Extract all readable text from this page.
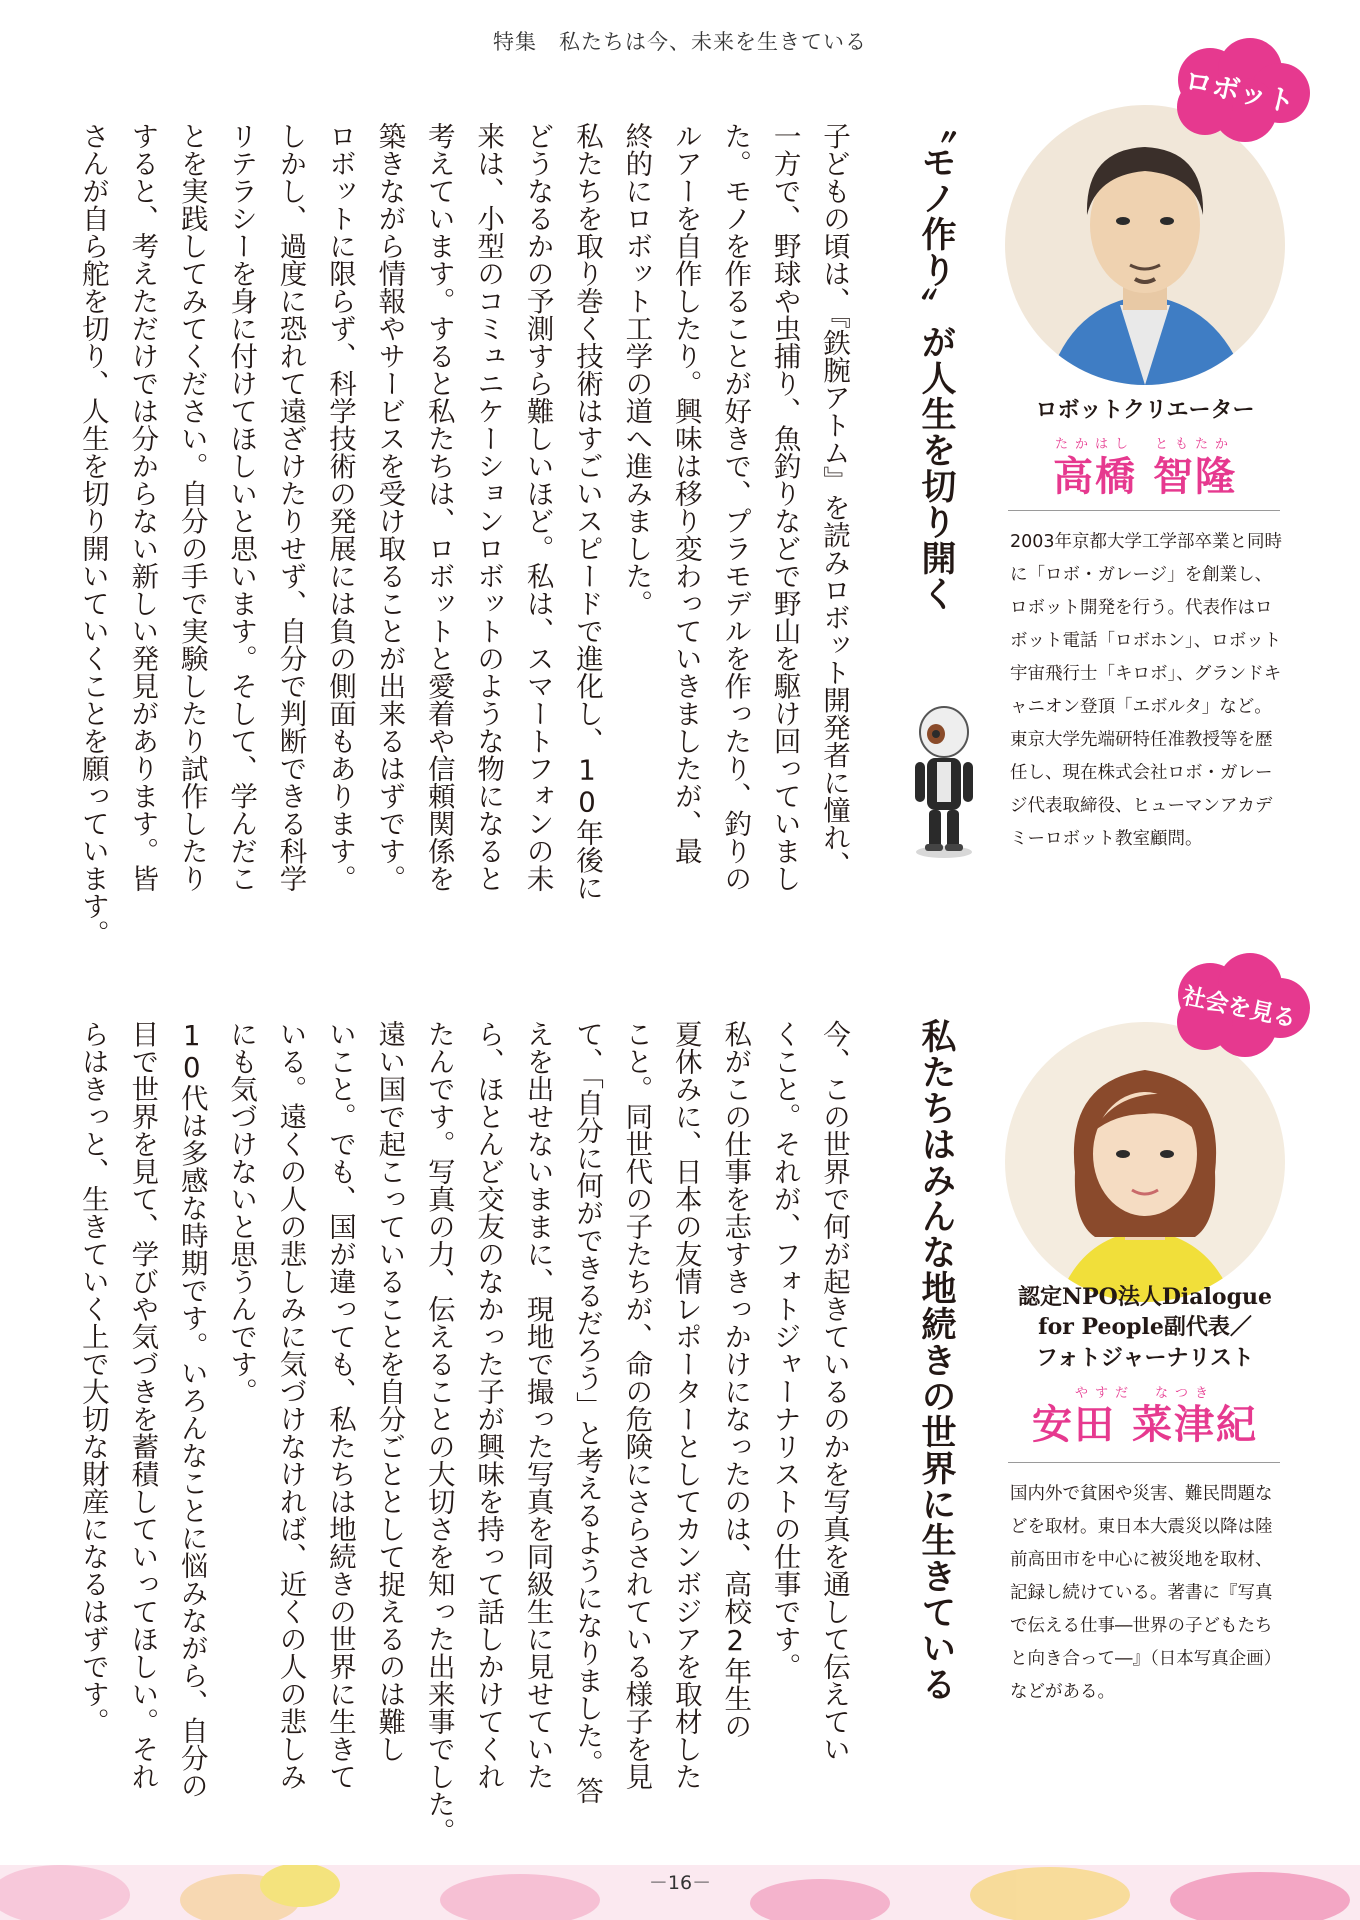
特集　私たちは今、未来を生きている
〝モノ作り〟が人生を切り開く

子どもの頃は、『鉄腕アトム』を読みロボット開発者に憧れ、

一方で、野球や虫捕り、魚釣りなどで野山を駆け回っていまし

た。モノを作ることが好きで、プラモデルを作ったり、釣りの

ルアーを自作したり。興味は移り変わっていきましたが、最

終的にロボット工学の道へ進みました。

私たちを取り巻く技術はすごいスピードで進化し、10年後に

どうなるかの予測すら難しいほど。私は、スマートフォンの未

来は、小型のコミュニケーションロボットのような物になると

考えています。すると私たちは、ロボットと愛着や信頼関係を

築きながら情報やサービスを受け取ることが出来るはずです。

ロボットに限らず、科学技術の発展には負の側面もあります。

しかし、過度に恐れて遠ざけたりせず、自分で判断できる科学

リテラシーを身に付けてほしいと思います。そして、学んだこ

とを実践してみてください。自分の手で実験したり試作したり

すると、考えただけでは分からない新しい発見があります。皆

さんが自ら舵を切り、人生を切り開いていくことを願っています。

ロボット
ロボットクリエーター
たかはし　ともたか
高橋 智隆
2003年京都大学工学部卒業と同時に「ロボ・ガレージ」を創業し、ロボット開発を行う。代表作はロボット電話「ロボホン」、ロボット宇宙飛行士「キロボ」、グランドキャニオン登頂「エボルタ」など。東京大学先端研特任准教授等を歴任し、現在株式会社ロボ・ガレージ代表取締役、ヒューマンアカデミーロボット教室顧問。
私たちはみんな地続きの世界に生きている

今、この世界で何が起きているのかを写真を通して伝えてい

くこと。それが、フォトジャーナリストの仕事です。

私がこの仕事を志すきっかけになったのは、高校2年生の

夏休みに、日本の友情レポーターとしてカンボジアを取材した

こと。同世代の子たちが、命の危険にさらされている様子を見

て、「自分に何ができるだろう」と考えるようになりました。答

えを出せないままに、現地で撮った写真を同級生に見せていた

ら、ほとんど交友のなかった子が興味を持って話しかけてくれ

たんです。写真の力、伝えることの大切さを知った出来事でした。

遠い国で起こっていることを自分ごととして捉えるのは難し

いこと。でも、国が違っても、私たちは地続きの世界に生きて

いる。遠くの人の悲しみに気づけなければ、近くの人の悲しみ

にも気づけないと思うんです。

10代は多感な時期です。いろんなことに悩みながら、自分の

目で世界を見て、学びや気づきを蓄積していってほしい。それ

らはきっと、生きていく上で大切な財産になるはずです。

社会を見る
認定NPO法人Dialogue
for People副代表／
フォトジャーナリスト
やすだ　なつき
安田 菜津紀
国内外で貧困や災害、難民問題などを取材。東日本大震災以降は陸前高田市を中心に被災地を取材、記録し続けている。著書に『写真で伝える仕事―世界の子どもたちと向き合って―』（日本写真企画）などがある。
－16－
